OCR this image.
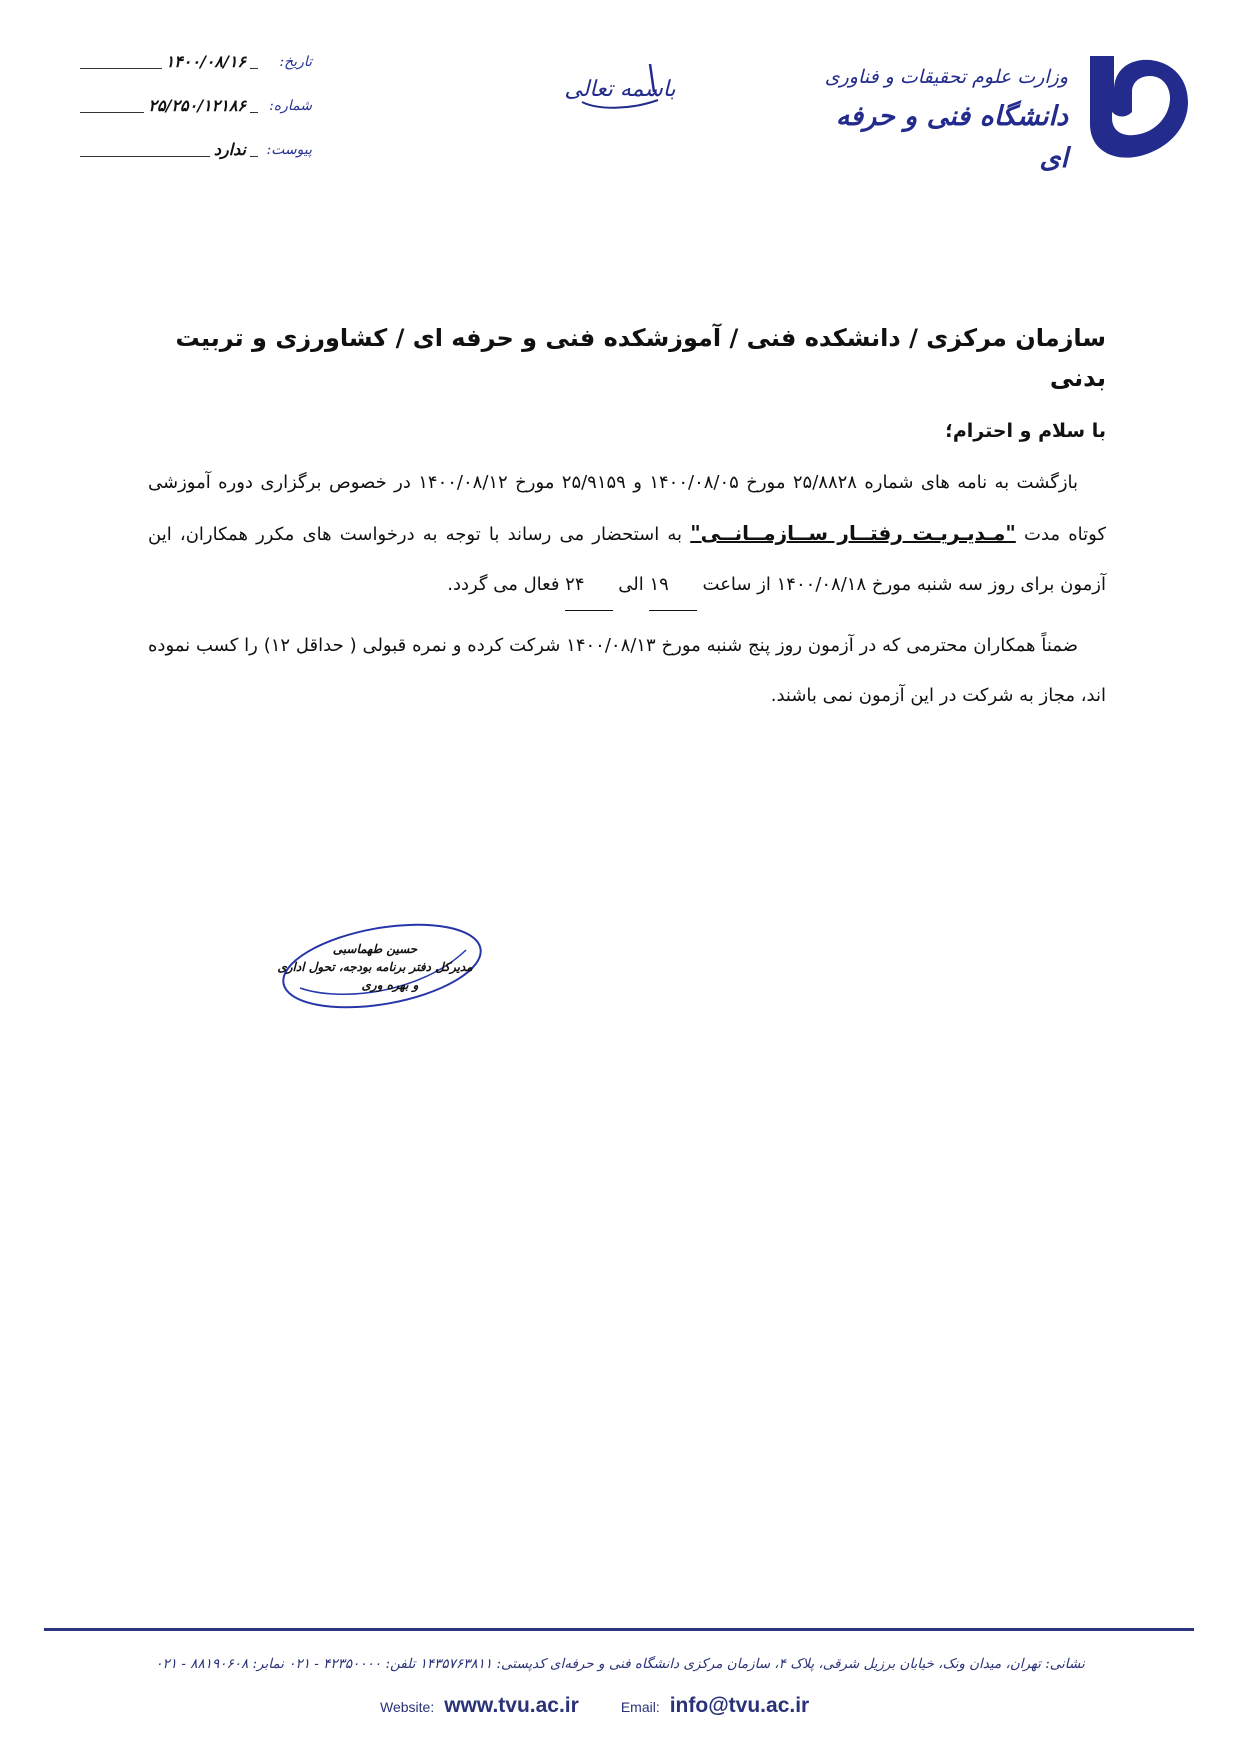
وزارت علوم تحقیقات و فناوری
دانشگاه فنی و حرفه ای
باسمه تعالی
تاریخ:
۱۴۰۰/۰۸/۱۶
شماره:
۲۵/۲۵۰/۱۲۱۸۶
پیوست:
ندارد

سازمان مرکزی / دانشکده فنی / آموزشکده فنی و حرفه ای / کشاورزی و تربیت بدنی

با سلام و احترام؛

بازگشت به نامه های شماره ۲۵/۸۸۲۸ مورخ ۱۴۰۰/۰۸/۰۵ و ۲۵/۹۱۵۹ مورخ ۱۴۰۰/۰۸/۱۲ در خصوص برگزاری دوره آموزشی کوتاه مدت "مـدیـریـت رفتــار ســازمــانــی" به استحضار می رساند با توجه به درخواست های مکرر همکاران، این آزمون برای روز سه شنبه مورخ ۱۴۰۰/۰۸/۱۸ از ساعت ۱۹ الی ۲۴ فعال می گردد.

ضمناً همکاران محترمی که در آزمون روز پنج شنبه مورخ ۱۴۰۰/۰۸/۱۳ شرکت کرده و نمره قبولی ( حداقل ۱۲) را کسب نموده اند، مجاز به شرکت در این آزمون نمی باشند.

حسین طهماسبی
مدیرکل دفتر برنامه بودجه، تحول اداری
و بهره وری
نشانی: تهران، میدان ونک، خیابان برزیل شرقی، پلاک ۴، سازمان مرکزی دانشگاه فنی و حرفه‌ای کدپستی: ۱۴۳۵۷۶۳۸۱۱ تلفن: ۴۲۳۵۰۰۰۰ - ۰۲۱ نمابر: ۸۸۱۹۰۶۰۸ - ۰۲۱
Website: www.tvu.ac.ir	Email: info@tvu.ac.ir
